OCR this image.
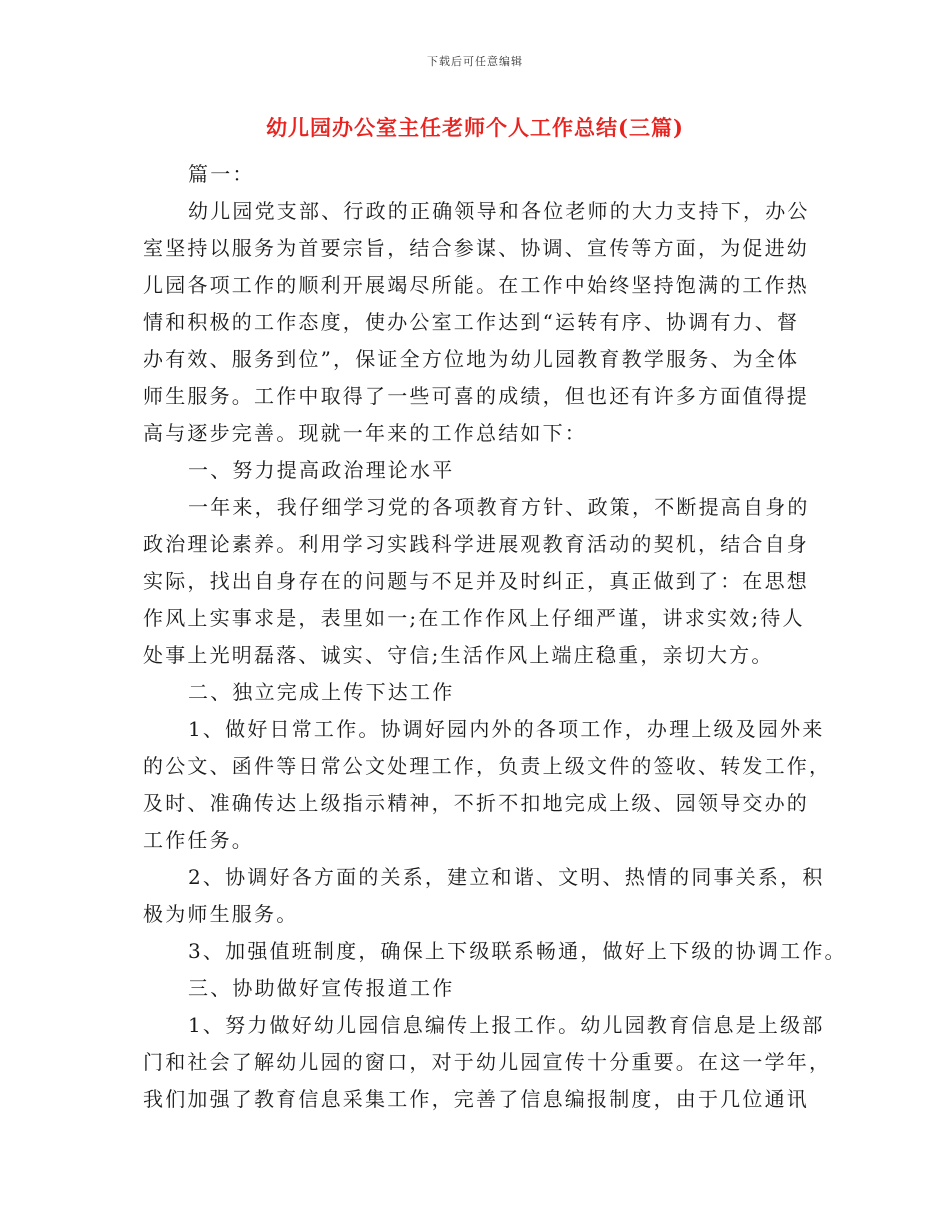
下载后可任意编辑
幼儿园办公室主任老师个人工作总结(三篇)
篇一：
幼儿园党支部、行政的正确领导和各位老师的大力支持下，办公
室坚持以服务为首要宗旨，结合参谋、协调、宣传等方面，为促进幼
儿园各项工作的顺利开展竭尽所能。在工作中始终坚持饱满的工作热
情和积极的工作态度，使办公室工作达到“运转有序、协调有力、督
办有效、服务到位”，保证全方位地为幼儿园教育教学服务、为全体
师生服务。工作中取得了一些可喜的成绩，但也还有许多方面值得提
高与逐步完善。现就一年来的工作总结如下：
一、努力提高政治理论水平
一年来，我仔细学习党的各项教育方针、政策，不断提高自身的
政治理论素养。利用学习实践科学进展观教育活动的契机，结合自身
实际，找出自身存在的问题与不足并及时纠正，真正做到了：在思想
作风上实事求是，表里如一;在工作作风上仔细严谨，讲求实效;待人
处事上光明磊落、诚实、守信;生活作风上端庄稳重，亲切大方。
二、独立完成上传下达工作
1、做好日常工作。协调好园内外的各项工作，办理上级及园外来
的公文、函件等日常公文处理工作，负责上级文件的签收、转发工作，
及时、准确传达上级指示精神，不折不扣地完成上级、园领导交办的
工作任务。
2、协调好各方面的关系，建立和谐、文明、热情的同事关系，积
极为师生服务。
3、加强值班制度，确保上下级联系畅通，做好上下级的协调工作。
三、协助做好宣传报道工作
1、努力做好幼儿园信息编传上报工作。幼儿园教育信息是上级部
门和社会了解幼儿园的窗口，对于幼儿园宣传十分重要。在这一学年，
我们加强了教育信息采集工作，完善了信息编报制度，由于几位通讯
